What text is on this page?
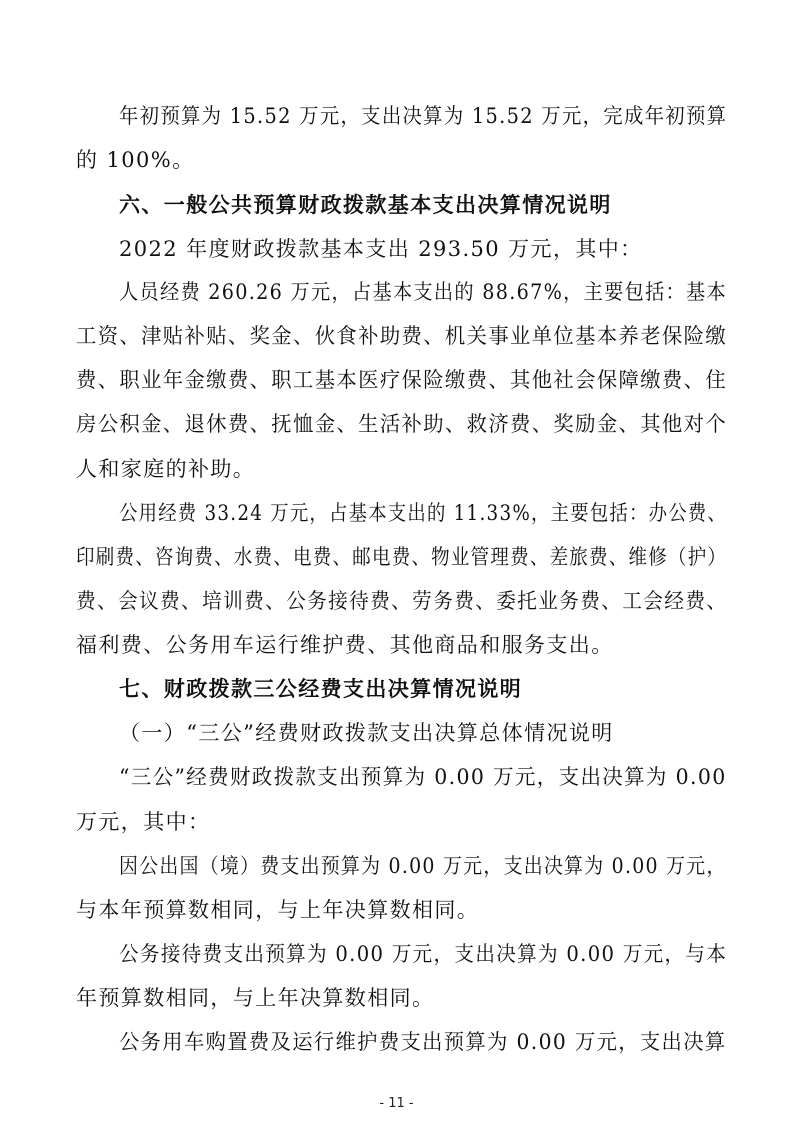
年初预算为 15.52 万元，支出决算为 15.52 万元，完成年初预算
的 100%。
六、一般公共预算财政拨款基本支出决算情况说明
2022 年度财政拨款基本支出 293.50 万元，其中：
人员经费 260.26 万元，占基本支出的 88.67%，主要包括：基本
工资、津贴补贴、奖金、伙食补助费、机关事业单位基本养老保险缴
费、职业年金缴费、职工基本医疗保险缴费、其他社会保障缴费、住
房公积金、退休费、抚恤金、生活补助、救济费、奖励金、其他对个
人和家庭的补助。
公用经费 33.24 万元，占基本支出的 11.33%，主要包括：办公费、
印刷费、咨询费、水费、电费、邮电费、物业管理费、差旅费、维修（护）
费、会议费、培训费、公务接待费、劳务费、委托业务费、工会经费、
福利费、公务用车运行维护费、其他商品和服务支出。
七、财政拨款三公经费支出决算情况说明
（一）“三公”经费财政拨款支出决算总体情况说明
“三公”经费财政拨款支出预算为 0.00 万元，支出决算为 0.00
万元，其中：
因公出国（境）费支出预算为 0.00 万元，支出决算为 0.00 万元，
与本年预算数相同，与上年决算数相同。
公务接待费支出预算为 0.00 万元，支出决算为 0.00 万元，与本
年预算数相同，与上年决算数相同。
公务用车购置费及运行维护费支出预算为 0.00 万元，支出决算
- 11 -
